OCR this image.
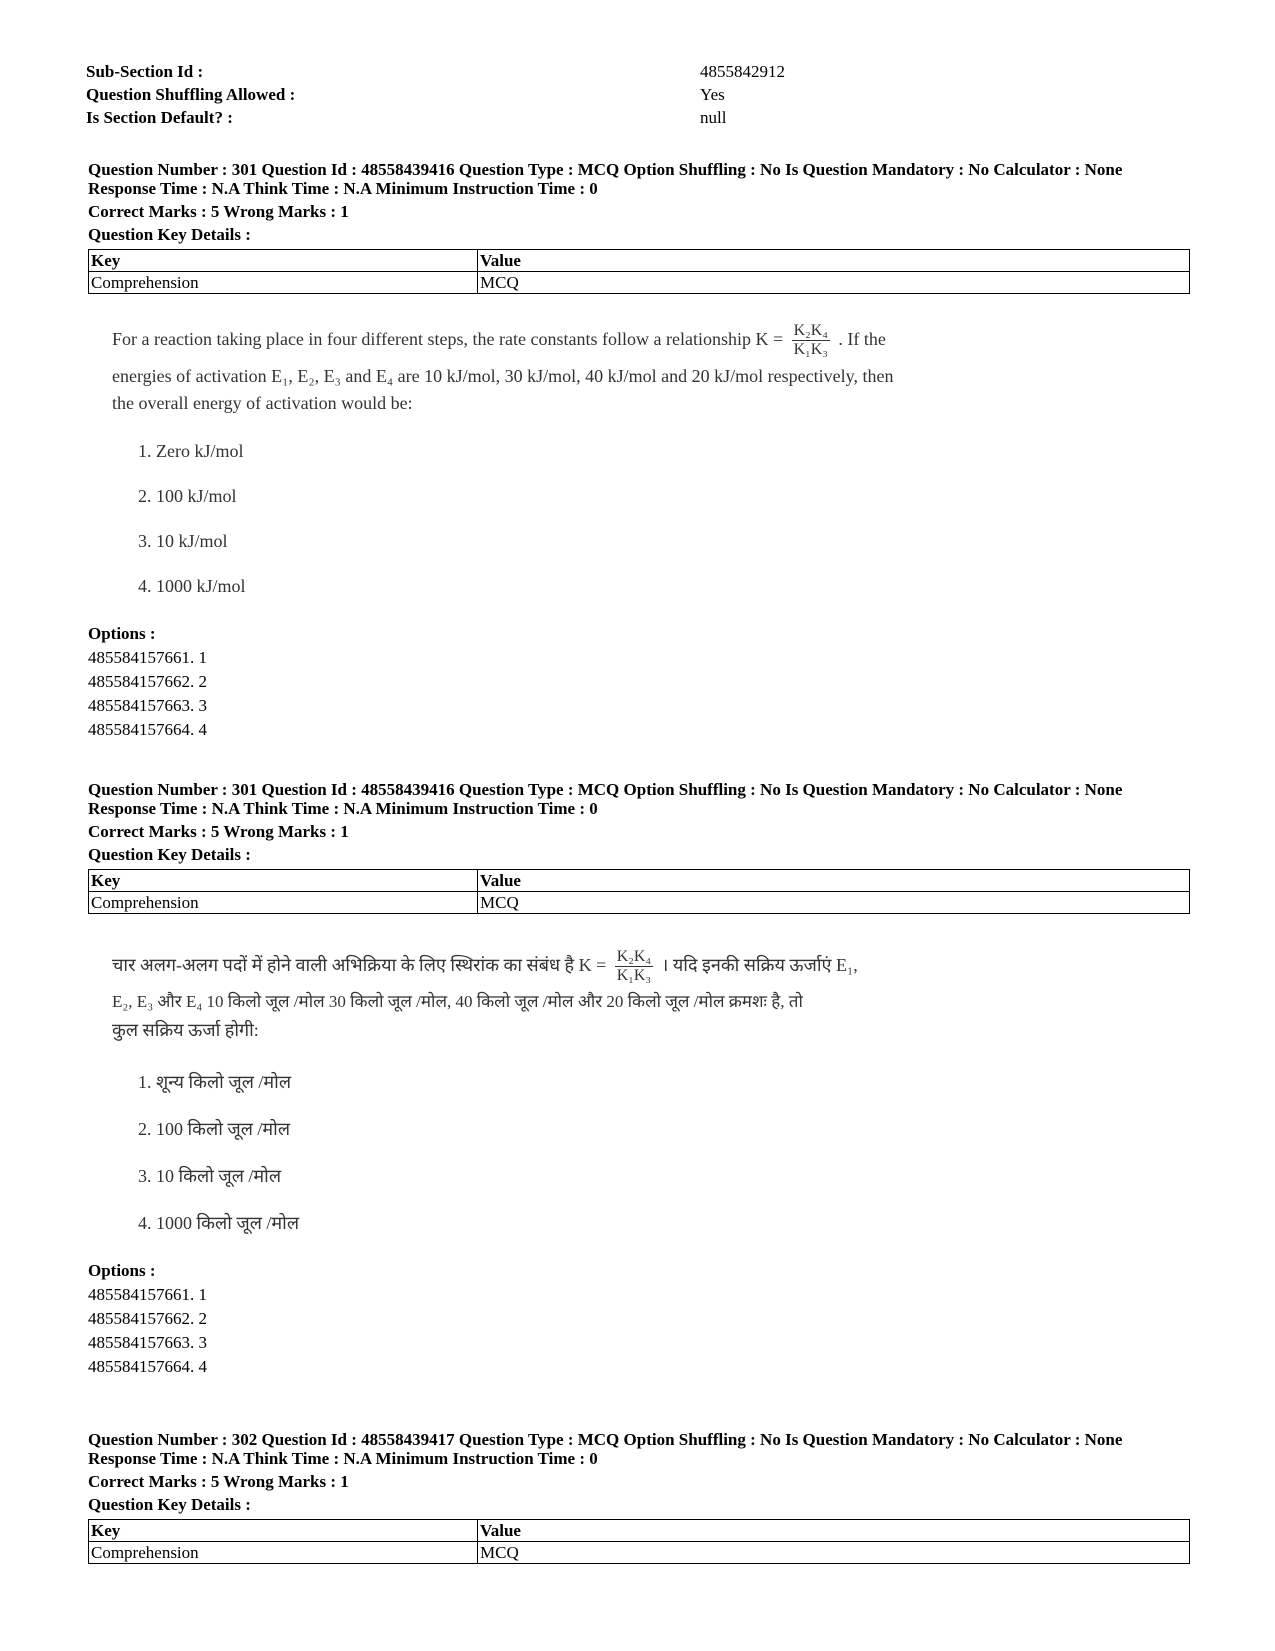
Sub-Section Id :	4855842912
Question Shuffling Allowed :	Yes
Is Section Default? :	null
Question Number : 301 Question Id : 48558439416 Question Type : MCQ Option Shuffling : No Is Question Mandatory : No Calculator : None
Response Time : N.A Think Time : N.A Minimum Instruction Time : 0
Correct Marks : 5 Wrong Marks : 1
Question Key Details :
Key	Value
Comprehension	MCQ
For a reaction taking place in four different steps, the rate constants follow a relationship $K = \frac{\text{K₂K₄}}{\text{K₁K₃}}$ . If the
energies of activation E₁, E₂, E₃ and E₄ are 10 kJ/mol, 30 kJ/mol, 40 kJ/mol and 20 kJ/mol respectively, then
the overall energy of activation would be:
1. Zero kJ/mol
2. 100 kJ/mol
3. 10 kJ/mol
4. 1000 kJ/mol
Options :
485584157661. 1
485584157662. 2
485584157663. 3
485584157664. 4
Question Number : 301 Question Id : 48558439416 Question Type : MCQ Option Shuffling : No Is Question Mandatory : No Calculator : None
Response Time : N.A Think Time : N.A Minimum Instruction Time : 0
Correct Marks : 5 Wrong Marks : 1
Question Key Details :
Key	Value
Comprehension	MCQ
चार अलग-अलग पदों में होने वाली अभिक्रिया के लिए स्थिरांक का संबंध है $K = \frac{\text{K₂K₄}}{\text{K₁K₃}}$ । यदि इनकी सक्रिय ऊर्जाएं E₁,
E₂, E₃ और E₄ 10 किलो जूल /मोल 30 किलो जूल /मोल, 40 किलो जूल /मोल और 20 किलो जूल /मोल क्रमशः है, तो
कुल सक्रिय ऊर्जा होगी:
1. शून्य किलो जूल /मोल
2. 100 किलो जूल /मोल
3. 10 किलो जूल /मोल
4. 1000 किलो जूल /मोल
Options :
485584157661. 1
485584157662. 2
485584157663. 3
485584157664. 4
Question Number : 302 Question Id : 48558439417 Question Type : MCQ Option Shuffling : No Is Question Mandatory : No Calculator : None
Response Time : N.A Think Time : N.A Minimum Instruction Time : 0
Correct Marks : 5 Wrong Marks : 1
Question Key Details :
Key	Value
Comprehension	MCQ
